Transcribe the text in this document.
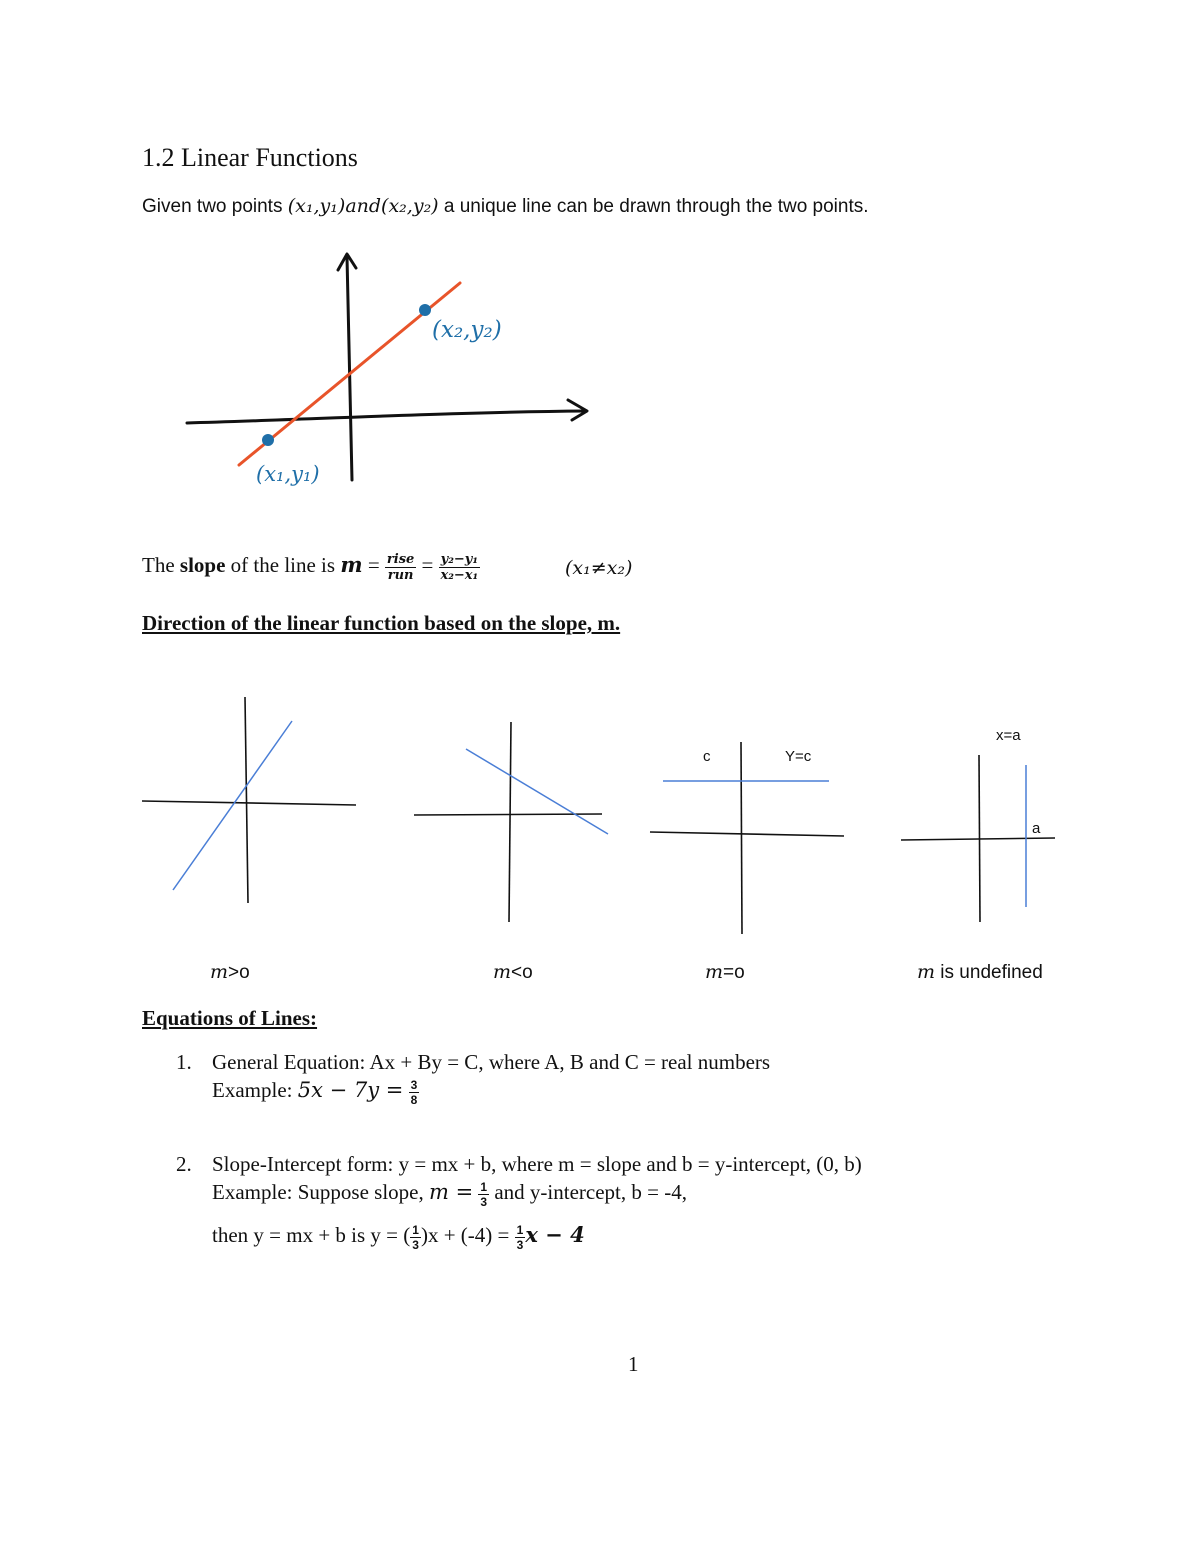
1.2 Linear Functions
Given two points (x₁,y₁)and(x₂,y₂) a unique line can be drawn through the two points.
(x₁,y₁)
(x₂,y₂)
The slope of the line is $m = \frac{\text{rise}}{\text{run}} = \frac{\text{y₂−y₁}}{\text{x₂−x₁}}$	(x₁≠x₂)
Direction of the linear function based on the slope, m.
c	Y=c
x=a
a
m>o	m<o	m=o	m is undefined
Equations of Lines:
1. General Equation: Ax + By = C, where A, B and C = real numbers
Example: $5x - 7y = \frac{3}{8}$
2. Slope-Intercept form: y = mx + b, where m = slope and b = y-intercept, (0, b)
Example: Suppose slope, $m = \frac{1}{3}$ and y-intercept, b = -4,
then y = mx + b is y = ( $\frac{1}{3} )x + (-4) = \frac{1}{3}$ x − 4
1
